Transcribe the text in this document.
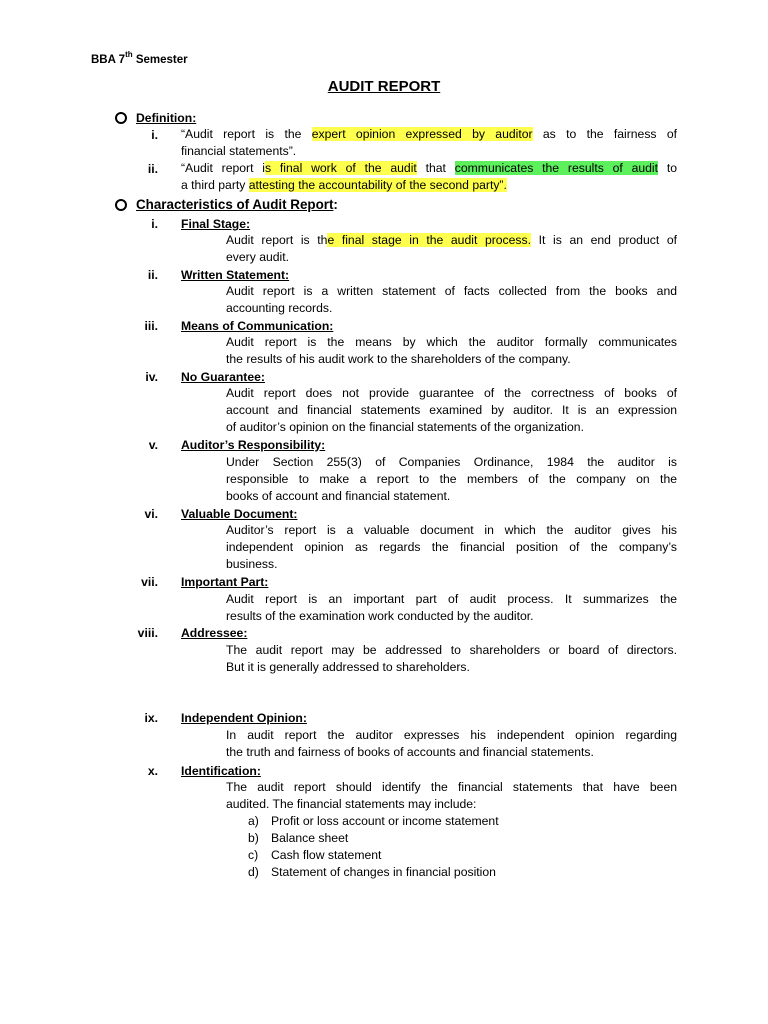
BBA 7th Semester
AUDIT REPORT
Definition:
i. “Audit report is the expert opinion expressed by auditor as to the fairness of
financial statements”.
ii. “Audit report is final work of the audit that communicates the results of audit to
a third party attesting the accountability of the second party”.
Characteristics of Audit Report:
i. Final Stage:
Audit report is the final stage in the audit process. It is an end product of
every audit.
ii. Written Statement:
Audit report is a written statement of facts collected from the books and
accounting records.
iii. Means of Communication:
Audit report is the means by which the auditor formally communicates
the results of his audit work to the shareholders of the company.
iv. No Guarantee:
Audit report does not provide guarantee of the correctness of books of
account and financial statements examined by auditor. It is an expression
of auditor’s opinion on the financial statements of the organization.
v. Auditor’s Responsibility:
Under Section 255(3) of Companies Ordinance, 1984 the auditor is
responsible to make a report to the members of the company on the
books of account and financial statement.
vi. Valuable Document:
Auditor’s report is a valuable document in which the auditor gives his
independent opinion as regards the financial position of the company’s
business.
vii. Important Part:
Audit report is an important part of audit process. It summarizes the
results of the examination work conducted by the auditor.
viii. Addressee:
The audit report may be addressed to shareholders or board of directors.
But it is generally addressed to shareholders.
ix. Independent Opinion:
In audit report the auditor expresses his independent opinion regarding
the truth and fairness of books of accounts and financial statements.
x. Identification:
The audit report should identify the financial statements that have been
audited. The financial statements may include:
a) Profit or loss account or income statement
b) Balance sheet
c)	Cash flow statement
d) Statement of changes in financial position
